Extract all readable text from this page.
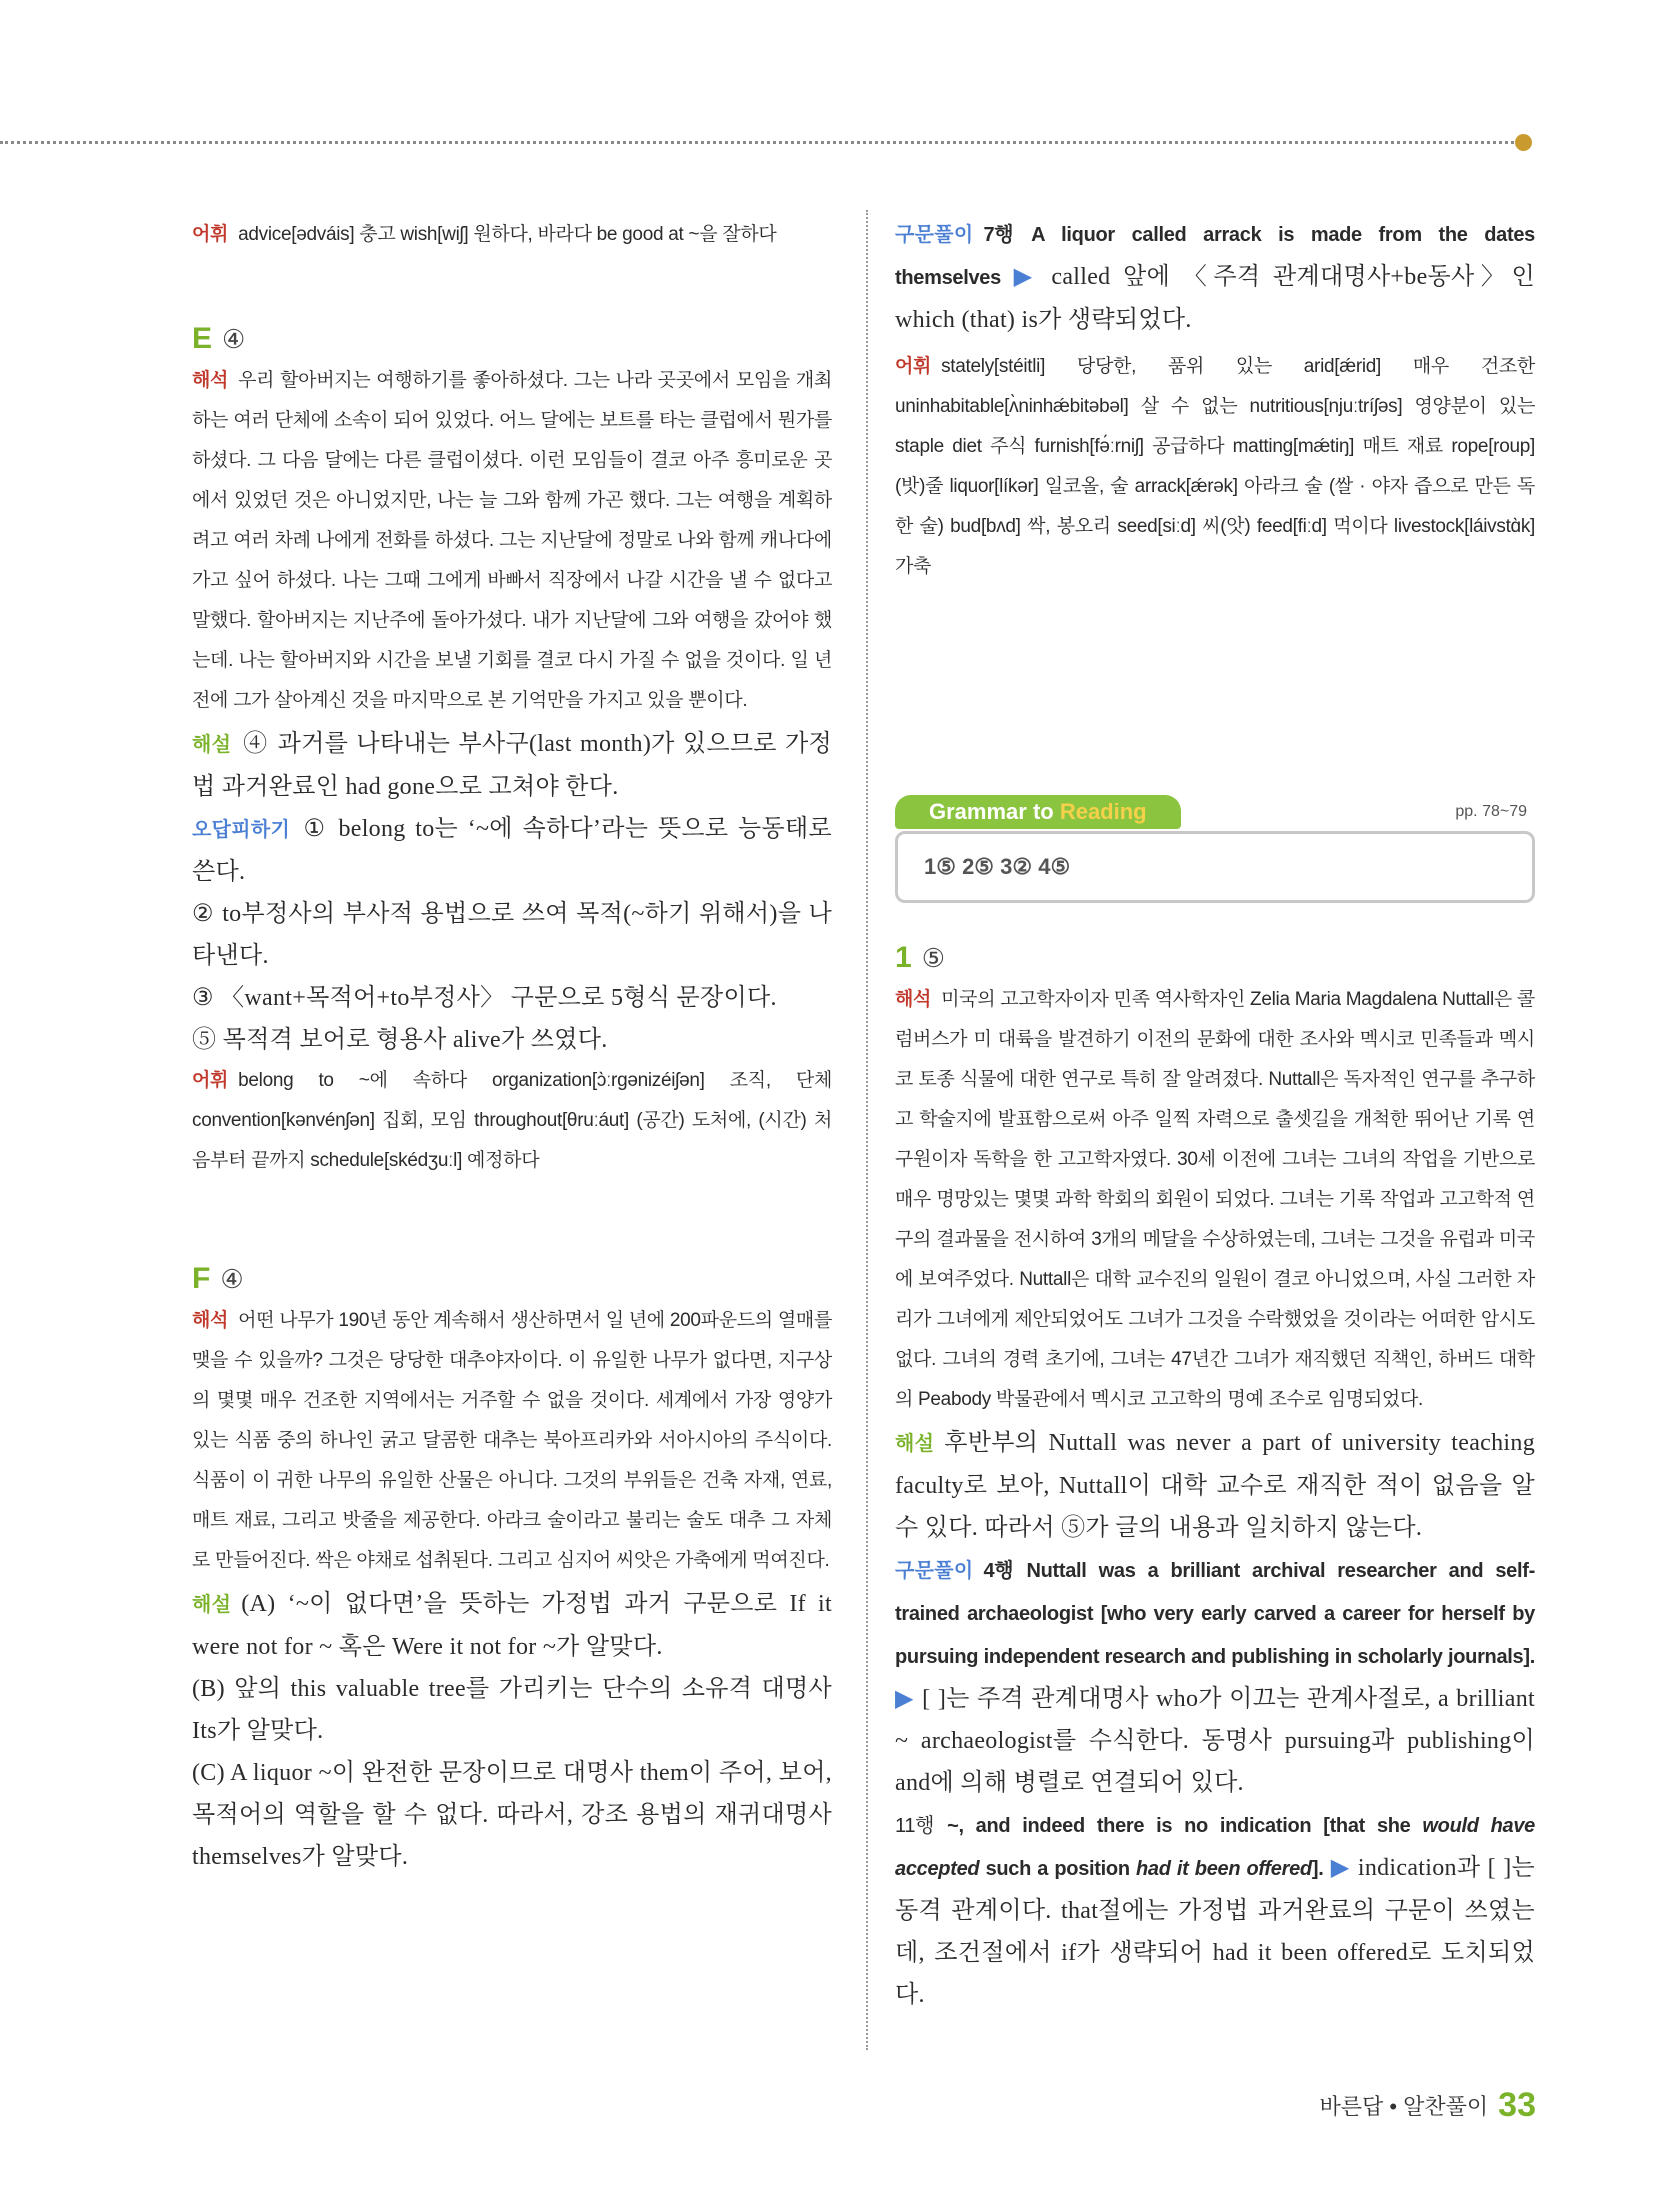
어휘 advice[ədváis] 충고 wish[wiʃ] 원하다, 바라다 be good at ~을 잘하다

E ④

해석 우리 할아버지는 여행하기를 좋아하셨다. 그는 나라 곳곳에서 모임을 개최하는 여러 단체에 소속이 되어 있었다. 어느 달에는 보트를 타는 클럽에서 뭔가를 하셨다. 그 다음 달에는 다른 클럽이셨다. 이런 모임들이 결코 아주 흥미로운 곳에서 있었던 것은 아니었지만, 나는 늘 그와 함께 가곤 했다. 그는 여행을 계획하려고 여러 차례 나에게 전화를 하셨다. 그는 지난달에 정말로 나와 함께 캐나다에 가고 싶어 하셨다. 나는 그때 그에게 바빠서 직장에서 나갈 시간을 낼 수 없다고 말했다. 할아버지는 지난주에 돌아가셨다. 내가 지난달에 그와 여행을 갔어야 했는데. 나는 할아버지와 시간을 보낼 기회를 결코 다시 가질 수 없을 것이다. 일 년 전에 그가 살아계신 것을 마지막으로 본 기억만을 가지고 있을 뿐이다.

해설 ④ 과거를 나타내는 부사구(last month)가 있으므로 가정법 과거완료인 had gone으로 고쳐야 한다.

오답피하기 ① belong to는 ‘~에 속하다’라는 뜻으로 능동태로 쓴다.

② to부정사의 부사적 용법으로 쓰여 목적(~하기 위해서)을 나타낸다.

③ 〈want+목적어+to부정사〉 구문으로 5형식 문장이다.

⑤ 목적격 보어로 형용사 alive가 쓰였다.

어휘 belong to ~에 속하다 organization[ɔ̀ːrgənizéiʃən] 조직, 단체 convention[kənvénʃən] 집회, 모임 throughout[θruːáut] (공간) 도처에, (시간) 처음부터 끝까지 schedule[skédʒuːl] 예정하다

F ④

해석 어떤 나무가 190년 동안 계속해서 생산하면서 일 년에 200파운드의 열매를 맺을 수 있을까? 그것은 당당한 대추야자이다. 이 유일한 나무가 없다면, 지구상의 몇몇 매우 건조한 지역에서는 거주할 수 없을 것이다. 세계에서 가장 영양가 있는 식품 중의 하나인 굵고 달콤한 대추는 북아프리카와 서아시아의 주식이다. 식품이 이 귀한 나무의 유일한 산물은 아니다. 그것의 부위들은 건축 자재, 연료, 매트 재료, 그리고 밧줄을 제공한다. 아라크 술이라고 불리는 술도 대추 그 자체로 만들어진다. 싹은 야채로 섭취된다. 그리고 심지어 씨앗은 가축에게 먹여진다.

해설 (A) ‘~이 없다면’을 뜻하는 가정법 과거 구문으로 If it were not for ~ 혹은 Were it not for ~가 알맞다.

(B) 앞의 this valuable tree를 가리키는 단수의 소유격 대명사 Its가 알맞다.

(C) A liquor ~이 완전한 문장이므로 대명사 them이 주어, 보어, 목적어의 역할을 할 수 없다. 따라서, 강조 용법의 재귀대명사 themselves가 알맞다.

구문풀이 7행 A liquor called arrack is made from the dates themselves ▶ called 앞에 〈주격 관계대명사+be동사〉인 which (that) is가 생략되었다.

어휘 stately[stéitli] 당당한, 품위 있는 arid[ǽrid] 매우 건조한 uninhabitable[ʌ̀ninhǽbitəbəl] 살 수 없는 nutritious[njuːtríʃəs] 영양분이 있는 staple diet 주식 furnish[fə́ːrniʃ] 공급하다 matting[mǽtiŋ] 매트 재료 rope[roup] (밧)줄 liquor[líkər] 일코올, 술 arrack[ǽrək] 아라크 술 (쌀 · 야자 즙으로 만든 독한 술) bud[bʌd] 싹, 봉오리 seed[siːd] 씨(앗) feed[fiːd] 먹이다 livestock[láivstɑ̀k] 가축

Grammar to Reading	pp. 78~79
1⑤ 2⑤ 3② 4⑤

1 ⑤

해석 미국의 고고학자이자 민족 역사학자인 Zelia Maria Magdalena Nuttall은 콜럼버스가 미 대륙을 발견하기 이전의 문화에 대한 조사와 멕시코 민족들과 멕시코 토종 식물에 대한 연구로 특히 잘 알려졌다. Nuttall은 독자적인 연구를 추구하고 학술지에 발표함으로써 아주 일찍 자력으로 출셋길을 개척한 뛰어난 기록 연구원이자 독학을 한 고고학자였다. 30세 이전에 그녀는 그녀의 작업을 기반으로 매우 명망있는 몇몇 과학 학회의 회원이 되었다. 그녀는 기록 작업과 고고학적 연구의 결과물을 전시하여 3개의 메달을 수상하였는데, 그녀는 그것을 유럽과 미국에 보여주었다. Nuttall은 대학 교수진의 일원이 결코 아니었으며, 사실 그러한 자리가 그녀에게 제안되었어도 그녀가 그것을 수락했었을 것이라는 어떠한 암시도 없다. 그녀의 경력 초기에, 그녀는 47년간 그녀가 재직했던 직책인, 하버드 대학의 Peabody 박물관에서 멕시코 고고학의 명예 조수로 임명되었다.

해설 후반부의 Nuttall was never a part of university teaching faculty로 보아, Nuttall이 대학 교수로 재직한 적이 없음을 알 수 있다. 따라서 ⑤가 글의 내용과 일치하지 않는다.

구문풀이 4행 Nuttall was a brilliant archival researcher and self-trained archaeologist [who very early carved a career for herself by pursuing independent research and publishing in scholarly journals]. ▶ [ ]는 주격 관계대명사 who가 이끄는 관계사절로, a brilliant ~ archaeologist를 수식한다. 동명사 pursuing과 publishing이 and에 의해 병렬로 연결되어 있다.

11행 ~, and indeed there is no indication [that she would have accepted such a position had it been offered]. ▶ indication과 [ ]는 동격 관계이다. that절에는 가정법 과거완료의 구문이 쓰였는데, 조건절에서 if가 생략되어 had it been offered로 도치되었다.

바른답 • 알찬풀이 33
